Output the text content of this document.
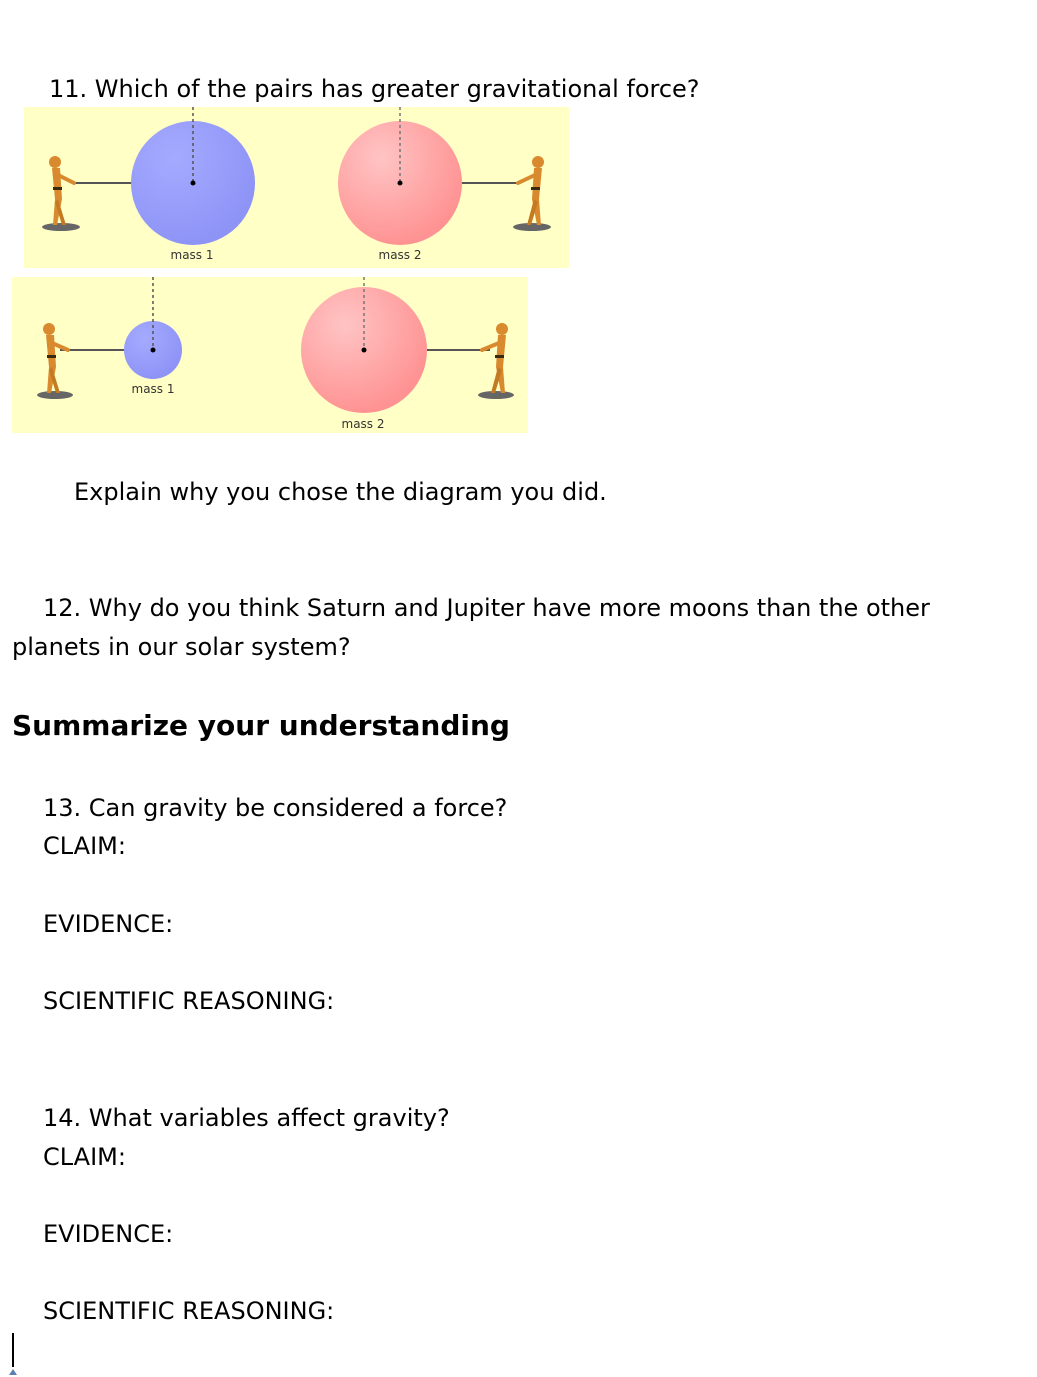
11. Which of the pairs has greater gravitational force?
mass 1	mass 2
mass 1
mass 2
Explain why you chose the diagram you did.
12. Why do you think Saturn and Jupiter have more moons than the other
planets in our solar system?
Summarize your understanding
13. Can gravity be considered a force?
CLAIM:
EVIDENCE:
SCIENTIFIC REASONING:
14. What variables affect gravity?
CLAIM:
EVIDENCE:
SCIENTIFIC REASONING:
